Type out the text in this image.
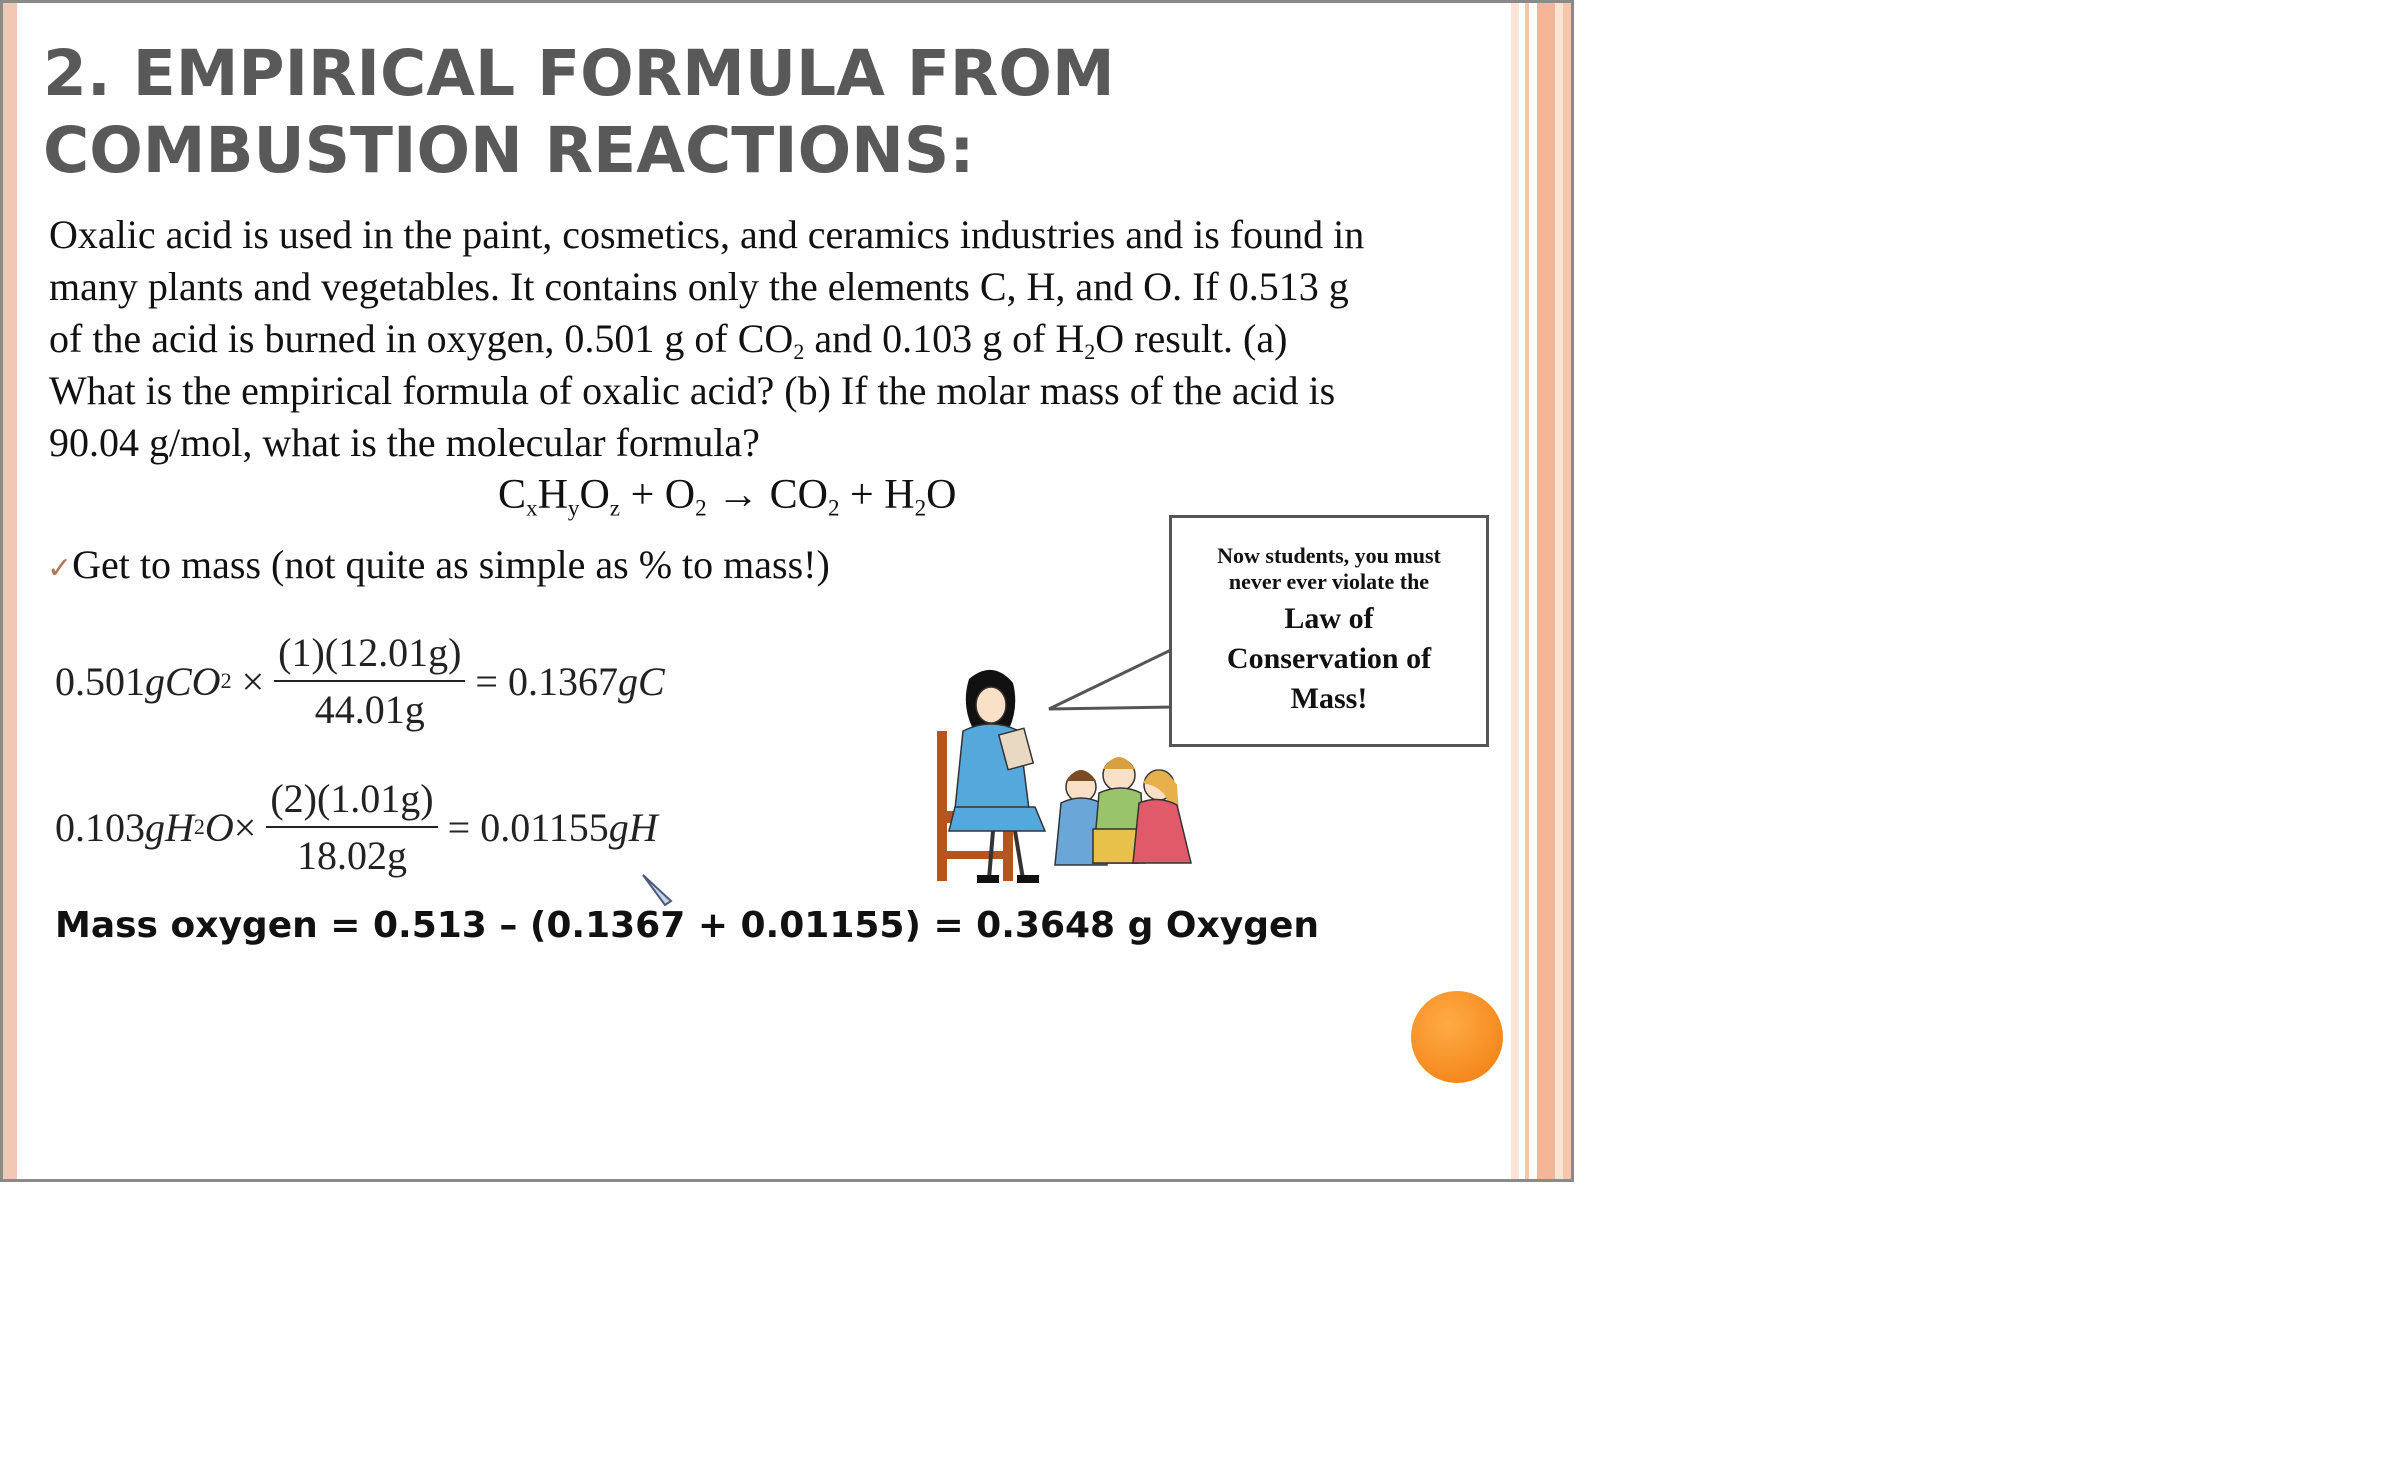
2. EMPIRICAL FORMULA FROM
COMBUSTION REACTIONS:
Oxalic acid is used in the paint, cosmetics, and ceramics industries and is found in
many plants and vegetables. It contains only the elements C, H, and O. If 0.513 g
of the acid is burned in oxygen, 0.501 g of $CO_2$ and 0.103 g of $H_2O$ result. (a)
What is the empirical formula of oxalic acid? (b) If the molar mass of the acid is
90.04 g/mol, what is the molecular formula?
$C_xH_yO_z + O_2 \to CO_2 + H_2O$
✓Get to mass (not quite as simple as % to mass!)
0.501 gCO $2 \times \frac{(1)(12.01g)}{44.01g} = 0.1367$ gC
0.103 gH 2 $O \times \frac{(2)(1.01g)}{18.02g} = 0.01155$ gH
Mass oxygen = 0.513 – (0.1367 + 0.01155) = 0.3648 g Oxygen
Now students, you must
never ever violate the
Law of
Conservation of
Mass!
